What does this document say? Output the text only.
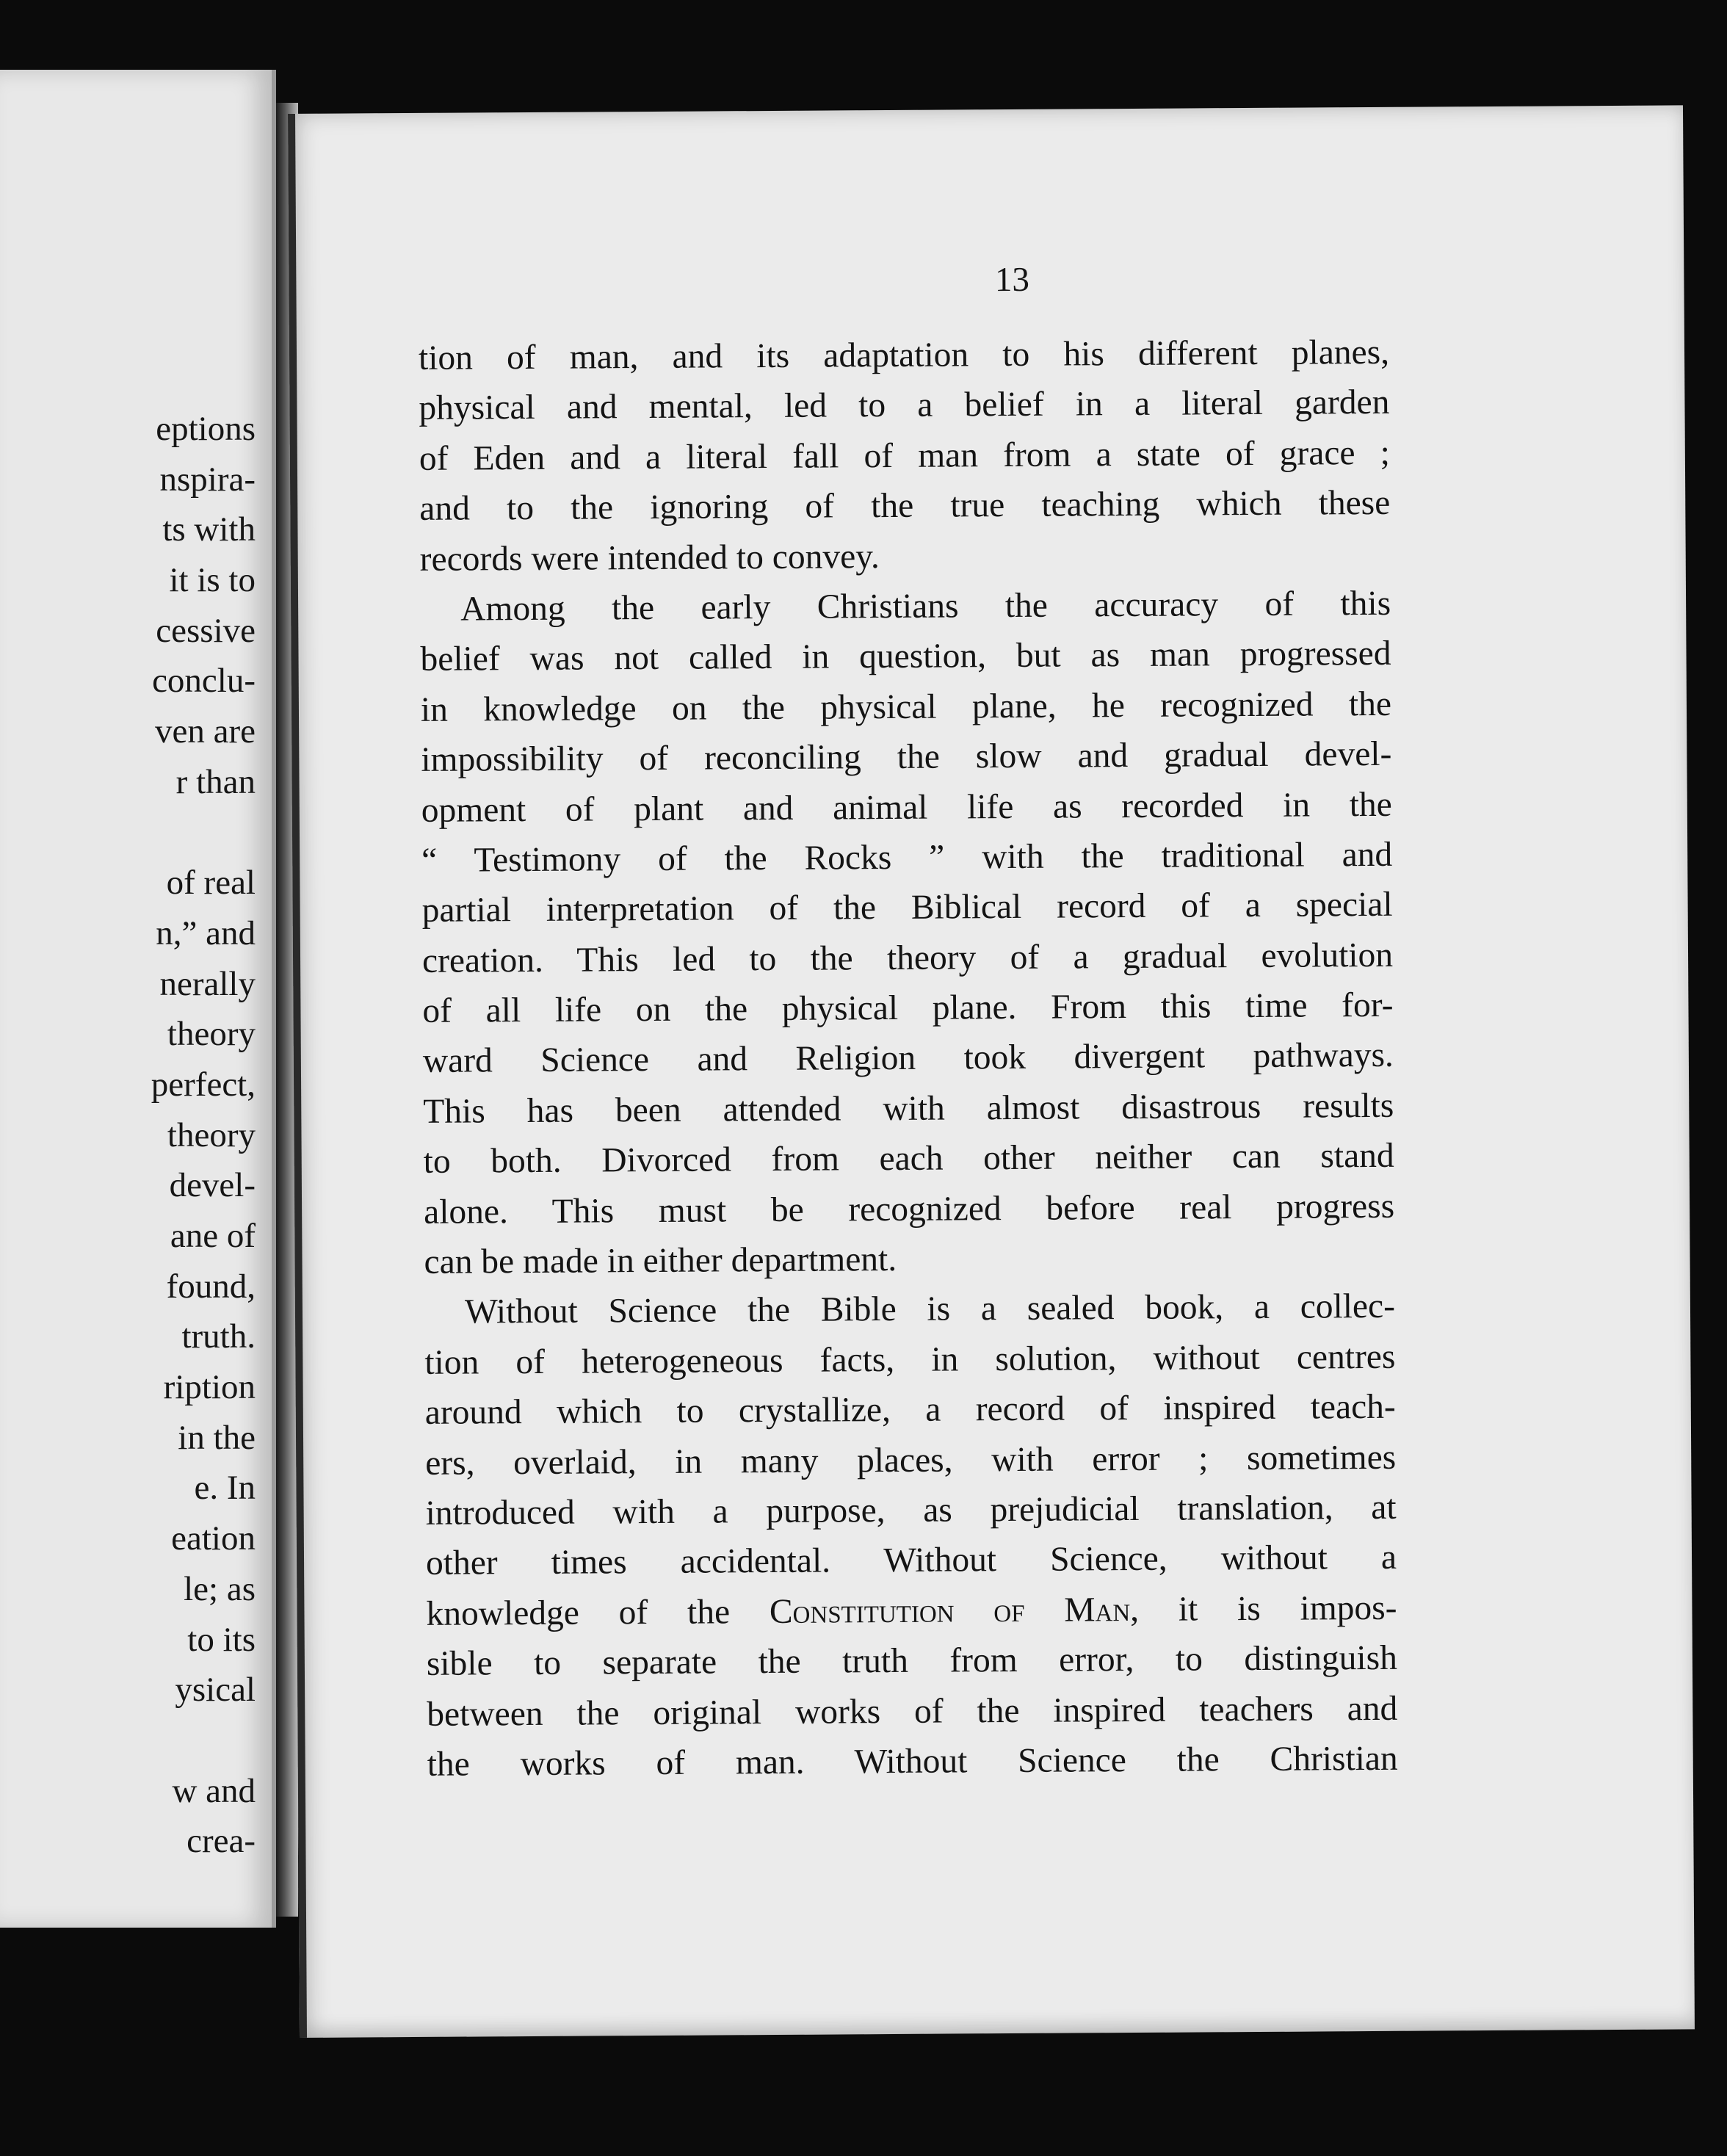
eptions
nspira-
ts with
it is to
cessive
conclu-
ven are
r than
of real
n,” and
nerally
theory
perfect,
theory
devel-
ane of
found,
truth.
ription
in the
e. In
eation
le; as
to its
ysical
w and
crea-
13
tion of man, and its adaptation to his different planes,
physical and mental, led to a belief in a literal garden
of Eden and a literal fall of man from a state of grace ;
and to the ignoring of the true teaching which these
records were intended to convey.
Among the early Christians the accuracy of this
belief was not called in question, but as man progressed
in knowledge on the physical plane, he recognized the
impossibility of reconciling the slow and gradual devel-
opment of plant and animal life as recorded in the
“ Testimony of the Rocks ” with the traditional and
partial interpretation of the Biblical record of a special
creation. This led to the theory of a gradual evolution
of all life on the physical plane. From this time for-
ward Science and Religion took divergent pathways.
This has been attended with almost disastrous results
to both. Divorced from each other neither can stand
alone. This must be recognized before real progress
can be made in either department.
Without Science the Bible is a sealed book, a collec-
tion of heterogeneous facts, in solution, without centres
around which to crystallize, a record of inspired teach-
ers, overlaid, in many places, with error ; sometimes
introduced with a purpose, as prejudicial translation, at
other times accidental. Without Science, without a
knowledge of the Constitution of Man, it is impos-
sible to separate the truth from error, to distinguish
between the original works of the inspired teachers and
the works of man. Without Science the Christian
